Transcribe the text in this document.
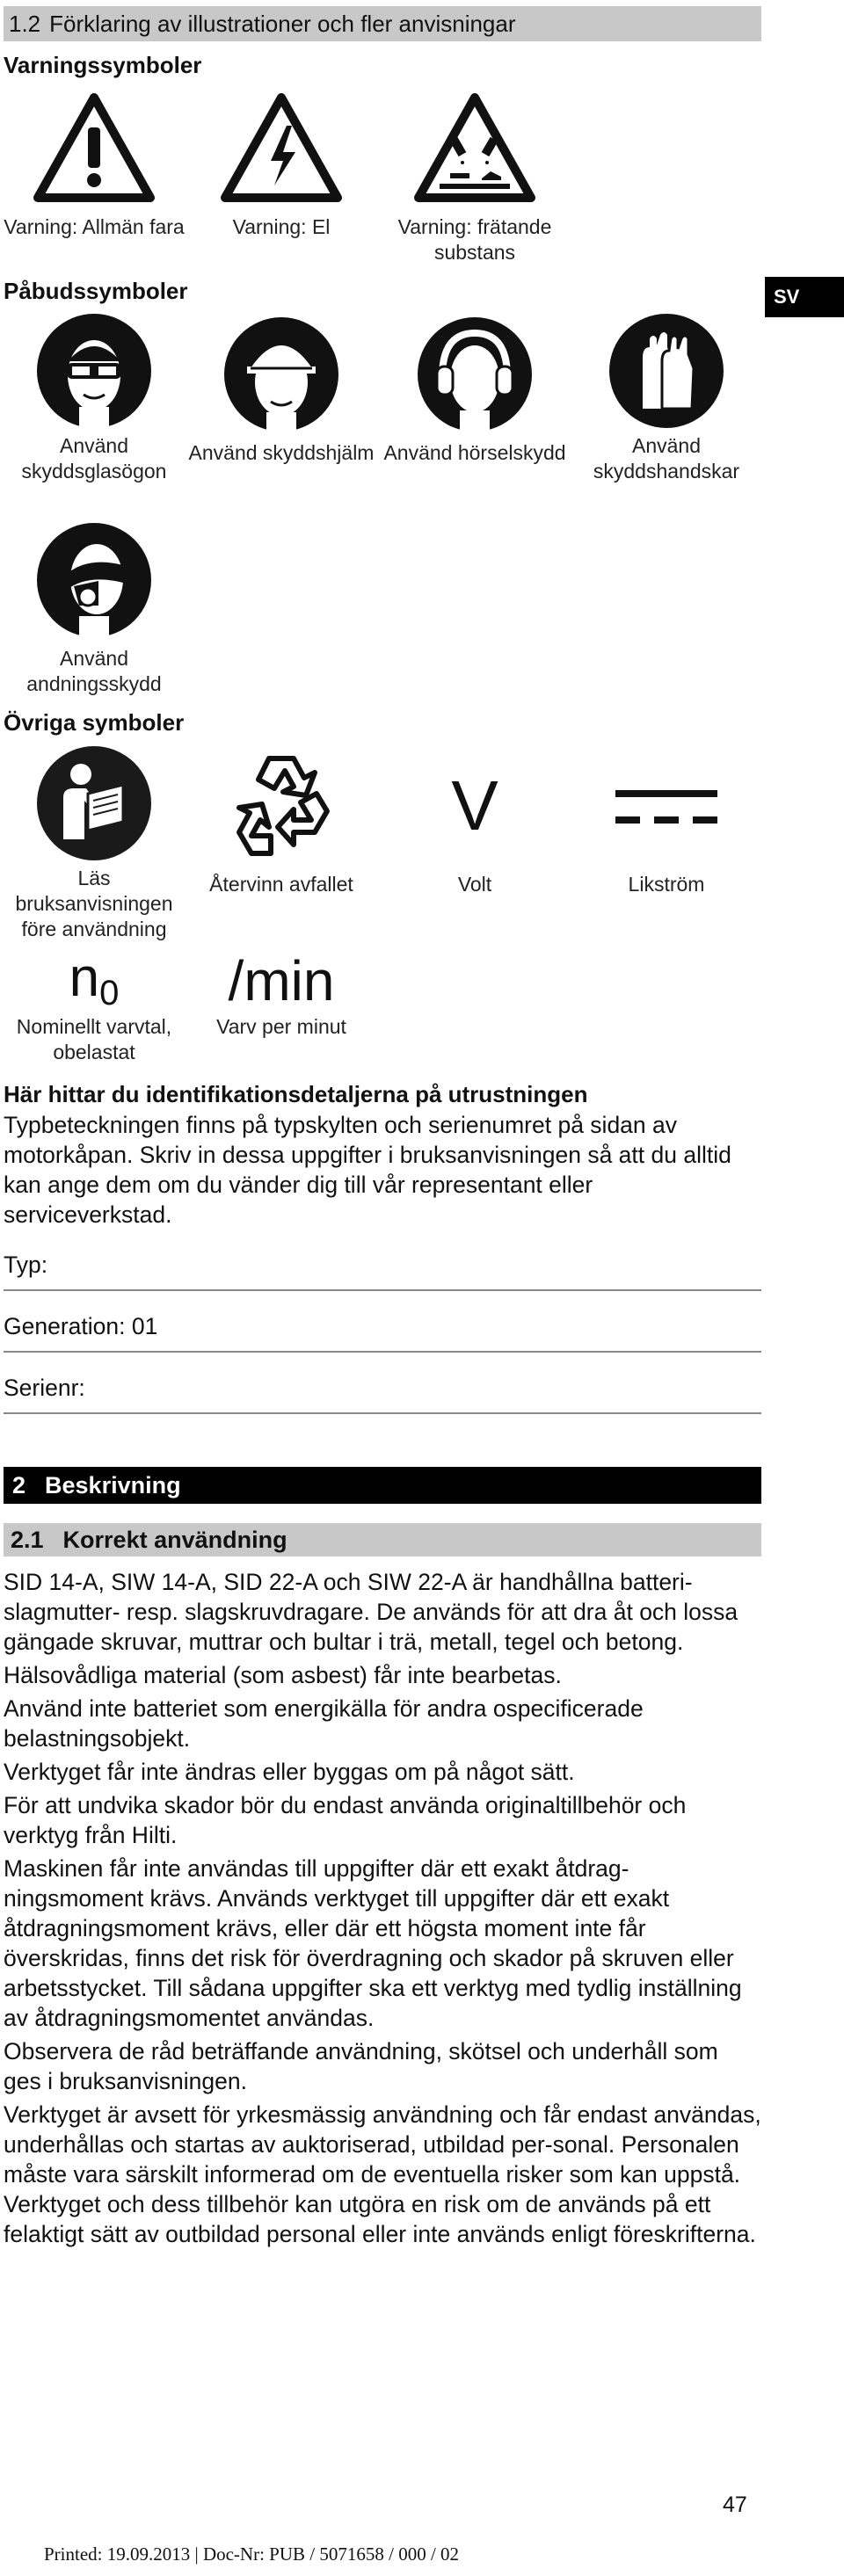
1.2 Förklaring av illustrationer och fler anvisningar
Varningssymboler
Varning: Allmän fara Varning: El	Varning: frätande substans
Påbudssymboler
Använd skyddsglasögon
Använd skyddshjälm Använd hörselskydd	Använd skyddshandskar
Använd andningsskydd
Övriga symboler
Läs bruksanvisningen före användning
Återvinn avfallet
V
Volt	Likström
n0
Nominellt varvtal, obelastat
/min
Varv per minut
Här hittar du identifikationsdetaljerna på utrustningen

Typbeteckningen finns på typskylten och serienumret på sidan av motorkåpan. Skriv in dessa uppgifter i bruksanvisningen så att du alltid kan ange dem om du vänder dig till vår representant eller serviceverkstad.

Typ:
Generation: 01
Serienr:
2 Beskrivning
2.1 Korrekt användning

SID 14-A, SIW 14-A, SID 22-A och SIW 22-A är handhållna batteri-slagmutter- resp. slagskruvdragare. De används för att dra åt och lossa gängade skruvar, muttrar och bultar i trä, metall, tegel och betong.

Hälsovådliga material (som asbest) får inte bearbetas.

Använd inte batteriet som energikälla för andra ospecificerade belastningsobjekt.

Verktyget får inte ändras eller byggas om på något sätt.

För att undvika skador bör du endast använda originaltillbehör och verktyg från Hilti.

Maskinen får inte användas till uppgifter där ett exakt åtdrag-ningsmoment krävs. Används verktyget till uppgifter där ett exakt åtdragningsmoment krävs, eller där ett högsta moment inte får överskridas, finns det risk för överdragning och skador på skruven eller arbetsstycket. Till sådana uppgifter ska ett verktyg med tydlig inställning av åtdragningsmomentet användas.

Observera de råd beträffande användning, skötsel och underhåll som ges i bruksanvisningen.

Verktyget är avsett för yrkesmässig användning och får endast användas, underhållas och startas av auktoriserad, utbildad per-sonal. Personalen måste vara särskilt informerad om de eventuella risker som kan uppstå. Verktyget och dess tillbehör kan utgöra en risk om de används på ett felaktigt sätt av outbildad personal eller inte används enligt föreskrifterna.

SV
47
Printed: 19.09.2013 | Doc-Nr: PUB / 5071658 / 000 / 02
